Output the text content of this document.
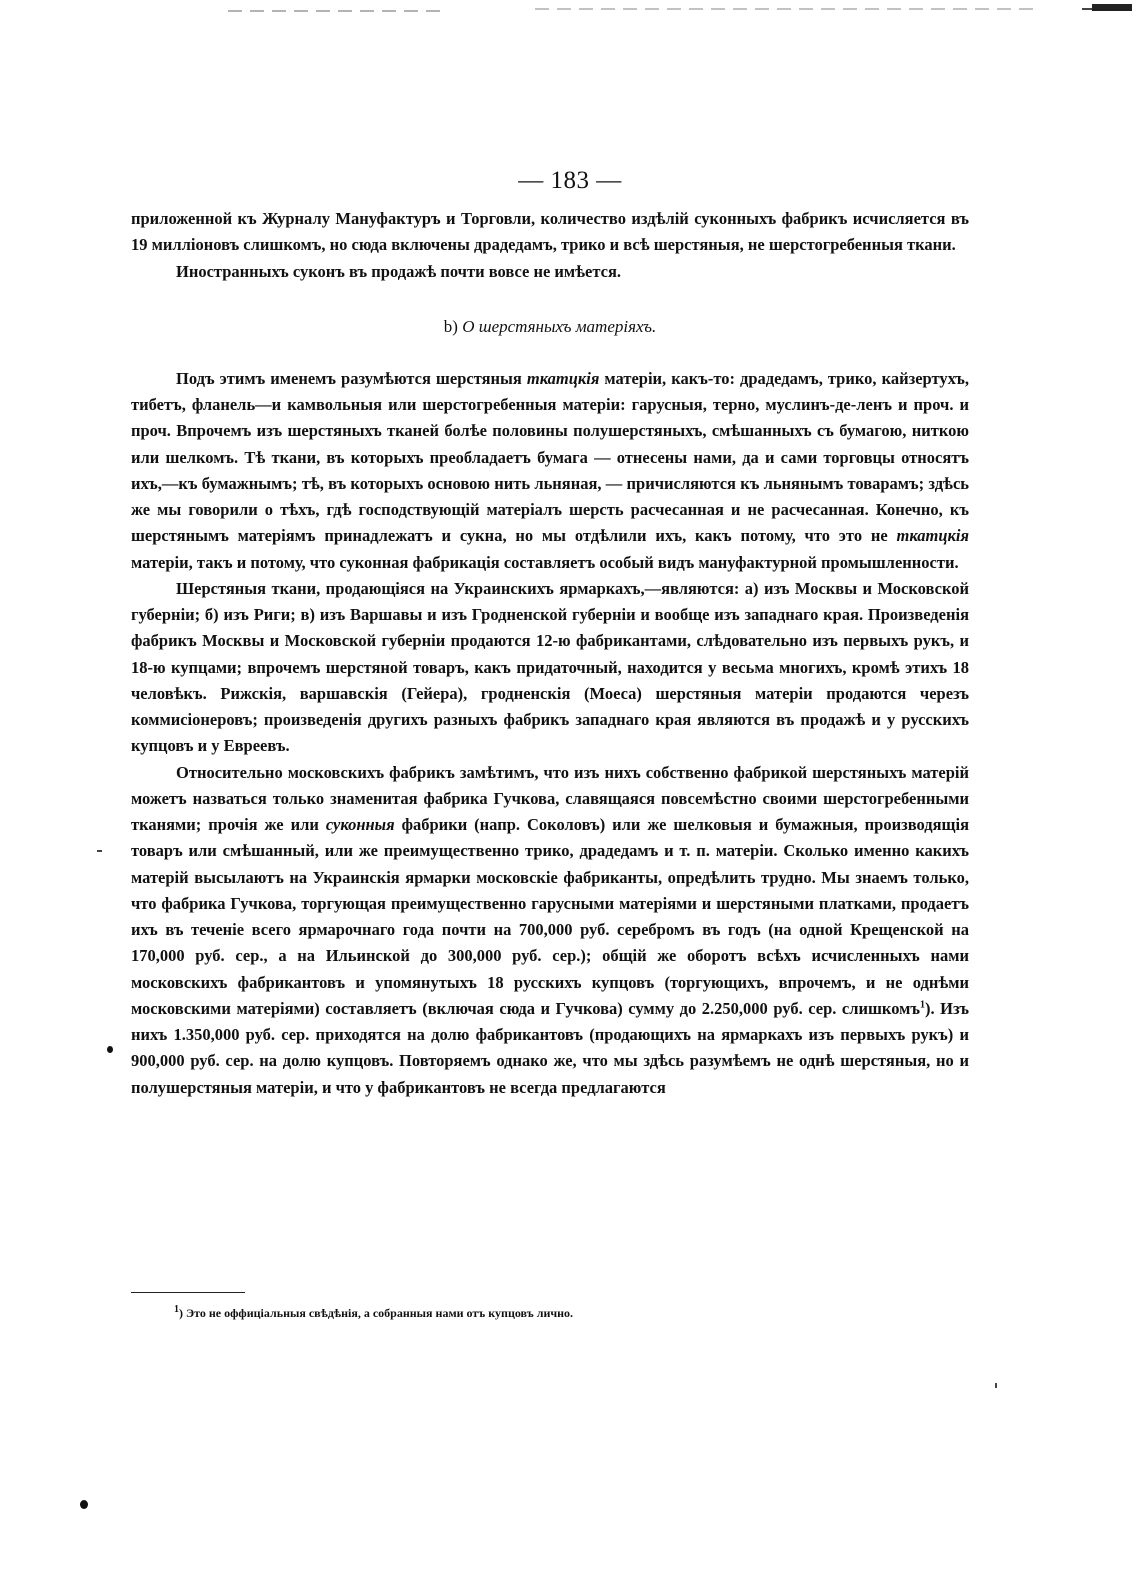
— 183 —

приложенной къ Журналу Мануфактуръ и Торговли, количество издѣлій суконныхъ фабрикъ исчисляется въ 19 милліоновъ слишкомъ, но сюда включены драдедамъ, трико и всѣ шерстяныя, не шерстогребенныя ткани.

Иностранныхъ суконъ въ продажѣ почти вовсе не имѣется.

b) О шерстяныхъ матеріяхъ.

Подъ этимъ именемъ разумѣются шерстяныя ткатцкія матеріи, какъ-то: драдедамъ, трико, кайзертухъ, тибетъ, фланель—и камвольныя или шерстогребенныя матеріи: гарусныя, терно, муслинъ-де-ленъ и проч. и проч. Впрочемъ изъ шерстяныхъ тканей болѣе половины полушерстяныхъ, смѣшанныхъ съ бумагою, ниткою или шелкомъ. Тѣ ткани, въ которыхъ преобладаетъ бумага — отнесены нами, да и сами торговцы относятъ ихъ,—къ бумажнымъ; тѣ, въ которыхъ основою нить льняная, — причисляются къ льнянымъ товарамъ; здѣсь же мы говорили о тѣхъ, гдѣ господствующій матеріалъ шерсть расчесанная и не расчесанная. Конечно, къ шерстянымъ матеріямъ принадлежатъ и сукна, но мы отдѣлили ихъ, какъ потому, что это не ткатцкія матеріи, такъ и потому, что суконная фабрикація составляетъ особый видъ мануфактурной промышленности.

Шерстяныя ткани, продающіяся на Украинскихъ ярмаркахъ,—являются: а) изъ Москвы и Московской губерніи; б) изъ Риги; в) изъ Варшавы и изъ Гродненской губерніи и вообще изъ западнаго края. Произведенія фабрикъ Москвы и Московской губерніи продаются 12-ю фабрикантами, слѣдовательно изъ первыхъ рукъ, и 18-ю купцами; впрочемъ шерстяной товаръ, какъ придаточный, находится у весьма многихъ, кромѣ этихъ 18 человѣкъ. Рижскія, варшавскія (Гейера), гродненскія (Моеса) шерстяныя матеріи продаются черезъ коммисіонеровъ; произведенія другихъ разныхъ фабрикъ западнаго края являются въ продажѣ и у русскихъ купцовъ и у Евреевъ.

Относительно московскихъ фабрикъ замѣтимъ, что изъ нихъ собственно фабрикой шерстяныхъ матерій можетъ назваться только знаменитая фабрика Гучкова, славящаяся повсемѣстно своими шерстогребенными тканями; прочія же или суконныя фабрики (напр. Соколовъ) или же шелковыя и бумажныя, производящія товаръ или смѣшанный, или же преимущественно трико, драдедамъ и т. п. матеріи. Сколько именно какихъ матерій высылаютъ на Украинскія ярмарки московскіе фабриканты, опредѣлить трудно. Мы знаемъ только, что фабрика Гучкова, торгующая преимущественно гарусными матеріями и шерстяными платками, продаетъ ихъ въ теченіе всего ярмарочнаго года почти на 700,000 руб. серебромъ въ годъ (на одной Крещенской на 170,000 руб. сер., а на Ильинской до 300,000 руб. сер.); общій же оборотъ всѣхъ исчисленныхъ нами московскихъ фабрикантовъ и упомянутыхъ 18 русскихъ купцовъ (торгующихъ, впрочемъ, и не однѣми московскими матеріями) составляетъ (включая сюда и Гучкова) сумму до 2.250,000 руб. сер. слишкомъ$^1$). Изъ нихъ 1.350,000 руб. сер. приходятся на долю фабрикантовъ (продающихъ на ярмаркахъ изъ первыхъ рукъ) и 900,000 руб. сер. на долю купцовъ. Повторяемъ однако же, что мы здѣсь разумѣемъ не однѣ шерстяныя, но и полушерстяныя матеріи, и что у фабрикантовъ не всегда предлагаются

$^1$) Это не оффиціальныя свѣдѣнія, а собранныя нами отъ купцовъ лично.
